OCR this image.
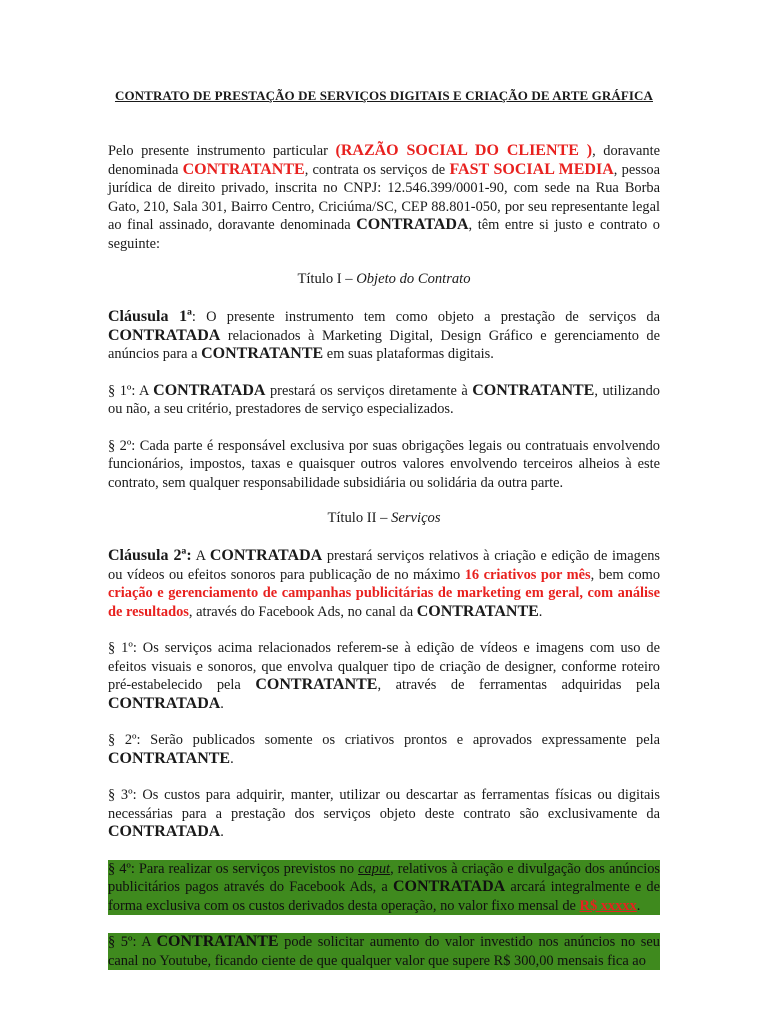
CONTRATO DE PRESTAÇÃO DE SERVIÇOS DIGITAIS E CRIAÇÃO DE ARTE GRÁFICA

Pelo presente instrumento particular (RAZÃO SOCIAL DO CLIENTE ), doravante denominada CONTRATANTE, contrata os serviços de FAST SOCIAL MEDIA, pessoa jurídica de direito privado, inscrita no CNPJ: 12.546.399/0001-90, com sede na Rua Borba Gato, 210, Sala 301, Bairro Centro, Criciúma/SC, CEP 88.801-050, por seu representante legal ao final assinado, doravante denominada CONTRATADA, têm entre si justo e contrato o seguinte:

Título I – Objeto do Contrato

Cláusula 1ª: O presente instrumento tem como objeto a prestação de serviços da CONTRATADA relacionados à Marketing Digital, Design Gráfico e gerenciamento de anúncios para a CONTRATANTE em suas plataformas digitais.

§ 1º: A CONTRATADA prestará os serviços diretamente à CONTRATANTE, utilizando ou não, a seu critério, prestadores de serviço especializados.

§ 2º: Cada parte é responsável exclusiva por suas obrigações legais ou contratuais envolvendo funcionários, impostos, taxas e quaisquer outros valores envolvendo terceiros alheios à este contrato, sem qualquer responsabilidade subsidiária ou solidária da outra parte.

Título II – Serviços

Cláusula 2ª: A CONTRATADA prestará serviços relativos à criação e edição de imagens ou vídeos ou efeitos sonoros para publicação de no máximo 16 criativos por mês, bem como criação e gerenciamento de campanhas publicitárias de marketing em geral, com análise de resultados, através do Facebook Ads, no canal da CONTRATANTE.

§ 1º: Os serviços acima relacionados referem-se à edição de vídeos e imagens com uso de efeitos visuais e sonoros, que envolva qualquer tipo de criação de designer, conforme roteiro pré-estabelecido pela CONTRATANTE, através de ferramentas adquiridas pela CONTRATADA.

§ 2º: Serão publicados somente os criativos prontos e aprovados expressamente pela CONTRATANTE.

§ 3º: Os custos para adquirir, manter, utilizar ou descartar as ferramentas físicas ou digitais necessárias para a prestação dos serviços objeto deste contrato são exclusivamente da CONTRATADA.

§ 4º: Para realizar os serviços previstos no caput, relativos à criação e divulgação dos anúncios publicitários pagos através do Facebook Ads, a CONTRATADA arcará integralmente e de forma exclusiva com os custos derivados desta operação, no valor fixo mensal de R$ xxxxx.

§ 5º: A CONTRATANTE pode solicitar aumento do valor investido nos anúncios no seu canal no Youtube, ficando ciente de que qualquer valor que supere R$ 300,00 mensais fica ao
